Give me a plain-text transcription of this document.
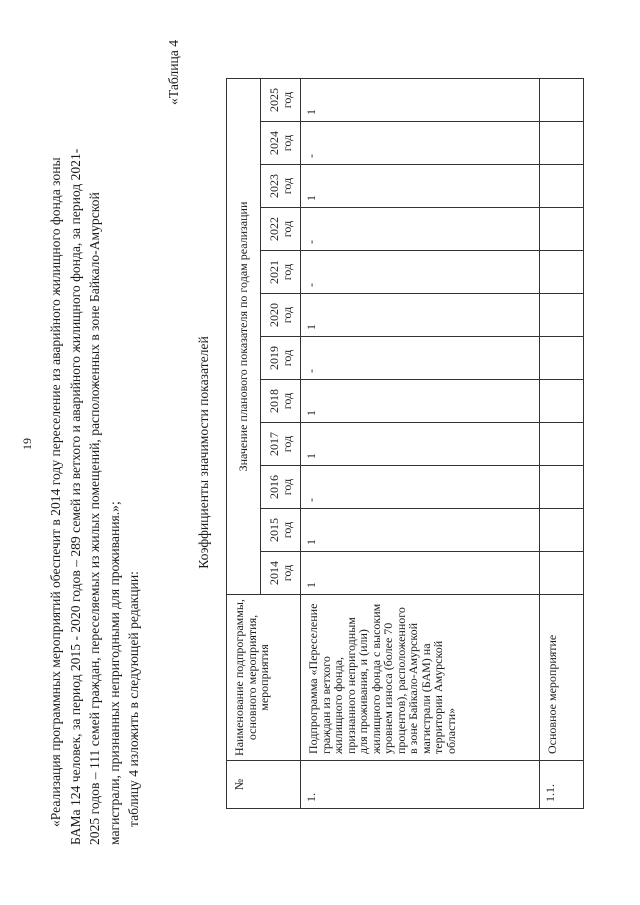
19 «Реализация программных мероприятий обеспечит в 2014 году переселение из аварийного жилищного фонда зоны БАМа 124 человек, за период 2015 - 2020 годов – 289 семей из ветхого и аварийного жилищного фонда, за период 2021- 2025 годов – 111 семей граждан, переселяемых из жилых помещений, расположенных в зоне Байкало-Амурской магистрали, признанных непригодными для проживания.»; таблицу 4 изложить в следующей редакции:

«Таблица 4
Коэффициенты значимости показателей
№	Наименование подпрограммы, основного мероприятия, мероприятия	Значение планового показателя по годам реализации											
		2014 год	2015 год	2016 год	2017 год	2018 год	2019 год	2020 год	2021 год	2022 год	2023 год	2024 год	2025 год
1.	Подпрограмма «Переселение граждан из ветхого жилищного фонда, признанного непригодным для проживания, и (или) жилищного фонда с высоким уровнем износа (более 70 процентов), расположенного в зоне Байкало-Амурской магистрали (БАМ) на территории Амурской области»	1	1	-	1	1	-	1	-	-	1	-	1
1.1.	Основное мероприятие												
